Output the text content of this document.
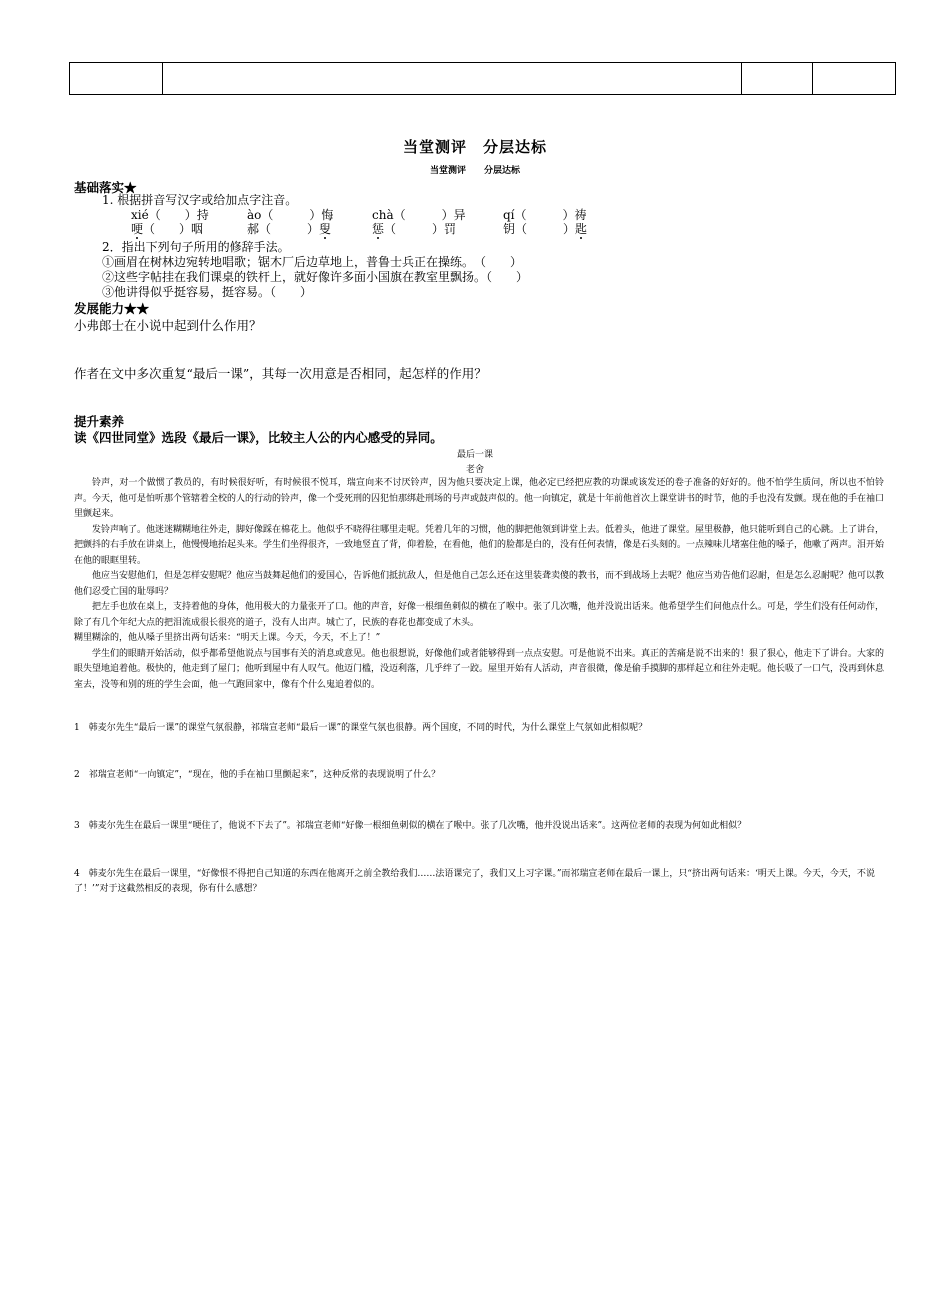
当堂测评　分层达标
当堂测评　　分层达标
基础落实★
1. 根据拼音写汉字或给加点字注音。
xié（　　）持	ào（　　　）悔	chà（　　　）异	qí（　　　）祷
哽（　　）咽	郝（　　　）叟	惩（　　　）罚	钥（　　　）匙
2．指出下列句子所用的修辞手法。
①画眉在树林边宛转地唱歌；锯木厂后边草地上，普鲁士兵正在操练。　（　　）
②这些字帖挂在我们课桌的铁杆上，就好像许多面小国旗在教室里飘扬。（　　）
③他讲得似乎挺容易，挺容易。（　　）
发展能力★★
小弗郎士在小说中起到什么作用？
作者在文中多次重复“最后一课”，其每一次用意是否相同，起怎样的作用？
提升素养
读《四世同堂》选段《最后一课》，比较主人公的内心感受的异同。
最后一课
老舍

铃声，对一个做惯了教员的，有时候很好听，有时候很不悦耳，瑞宣向来不讨厌铃声，因为他只要决定上课，他必定已经把应教的功课或该发还的卷子准备的好好的。他不怕学生质问，所以也不怕铃声。今天，他可是怕听那个管辖着全校的人的行动的铃声，像一个受死刑的囚犯怕那绑赴刑场的号声或鼓声似的。他一向镇定，就是十年前他首次上课堂讲书的时节，他的手也没有发颤。现在他的手在袖口里颤起来。

发铃声响了。他迷迷糊糊地往外走，脚好像踩在棉花上。他似乎不晓得往哪里走呢。凭着几年的习惯，他的脚把他领到讲堂上去。低着头，他进了课堂。屋里极静，他只能听到自己的心跳。上了讲台，把颤抖的右手放在讲桌上，他慢慢地抬起头来。学生们坐得很齐，一致地竖直了背，仰着脸，在看他，他们的脸都是白的，没有任何表情，像是石头刻的。一点辣味儿堵塞住他的嗓子，他嗽了两声。泪开始在他的眼眶里转。

他应当安慰他们，但是怎样安慰呢？他应当鼓舞起他们的爱国心，告诉他们抵抗敌人，但是他自己怎么还在这里装聋卖傻的教书，而不到战场上去呢？他应当劝告他们忍耐，但是怎么忍耐呢？他可以教他们忍受亡国的耻辱吗？

把左手也放在桌上，支持着他的身体，他用极大的力量张开了口。他的声音，好像一根细鱼刺似的横在了喉中。张了几次嘴，他并没说出话来。他希望学生们问他点什么。可是，学生们没有任何动作，除了有几个年纪大点的把泪流成很长很亮的道子，没有人出声。城亡了，民族的春花也都变成了木头。

糊里糊涂的，他从嗓子里挤出两句话来：“明天上课。今天，今天，不上了！”

学生们的眼睛开始活动，似乎都希望他说点与国事有关的消息或意见。他也很想说，好像他们或者能够得到一点点安慰。可是他说不出来。真正的苦痛是说不出来的！狠了狠心，他走下了讲台。大家的眼失望地追着他。极快的，他走到了屋门；他听到屋中有人叹气。他迈门槛，没迈利落，几乎绊了一跤。屋里开始有人活动，声音很微，像是偷手摸脚的那样起立和往外走呢。他长吸了一口气，没再到休息室去，没等和别的班的学生会面，他一气跑回家中，像有个什么鬼追着似的。

1　韩麦尔先生“最后一课”的课堂气氛很静，祁瑞宣老师“最后一课”的课堂气氛也很静。两个国度，不同的时代，为什么课堂上气氛如此相似呢？
2　祁瑞宣老师“一向镇定”，“现在，他的手在袖口里颤起来”，这种反常的表现说明了什么？
3　韩麦尔先生在最后一课里“哽住了，他说不下去了”。祁瑞宣老师“好像一根细鱼刺似的横在了喉中。张了几次嘴，他并没说出话来”。这两位老师的表现为何如此相似？
4　韩麦尔先生在最后一课里，“好像恨不得把自己知道的东西在他离开之前全教给我们……法语课完了，我们又上习字课。”而祁瑞宣老师在最后一课上，只“挤出两句话来：‘明天上课。今天，今天，不说了！’”对于这截然相反的表现，你有什么感想？
